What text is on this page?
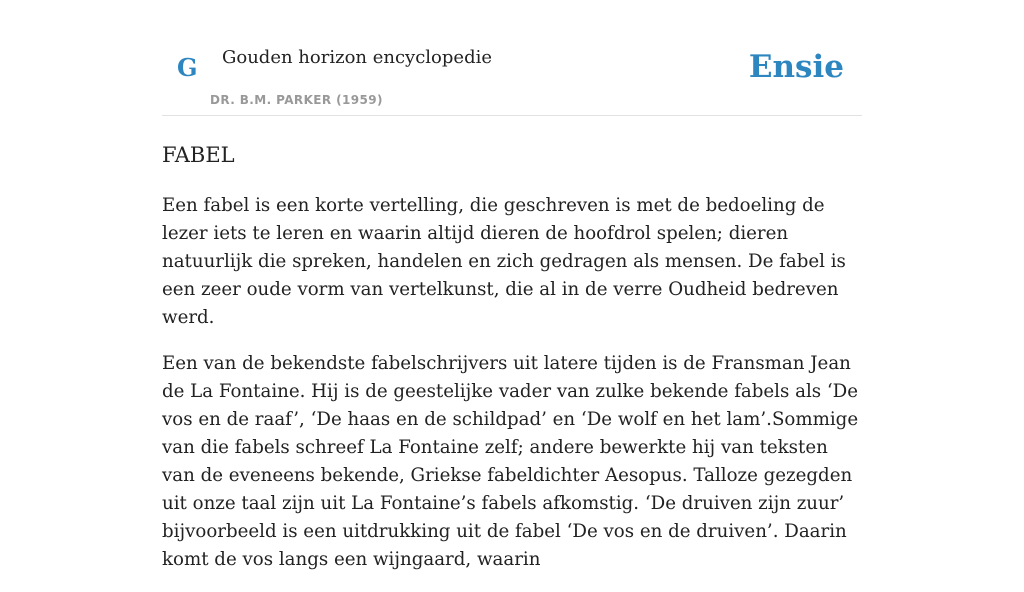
G Gouden horizon encyclopedie
DR. B.M. PARKER (1959)
Ensie
FABEL

Een fabel is een korte vertelling, die geschreven is met de bedoeling de lezer iets te leren en waarin altijd dieren de hoofdrol spelen; dieren natuurlijk die spreken, handelen en zich gedragen als mensen. De fabel is een zeer oude vorm van vertelkunst, die al in de verre Oudheid bedreven werd.

Een van de bekendste fabelschrijvers uit latere tijden is de Fransman Jean de La Fontaine. Hij is de geestelijke vader van zulke bekende fabels als ‘De vos en de raaf’, ‘De haas en de schildpad’ en ‘De wolf en het lam’.Sommige van die fabels schreef La Fontaine zelf; andere bewerkte hij van teksten van de eveneens bekende, Griekse fabeldichter Aesopus. Talloze gezegden uit onze taal zijn uit La Fontaine’s fabels afkomstig. ‘De druiven zijn zuur’ bijvoorbeeld is een uitdrukking uit de fabel ‘De vos en de druiven’. Daarin komt de vos langs een wijngaard, waarin
